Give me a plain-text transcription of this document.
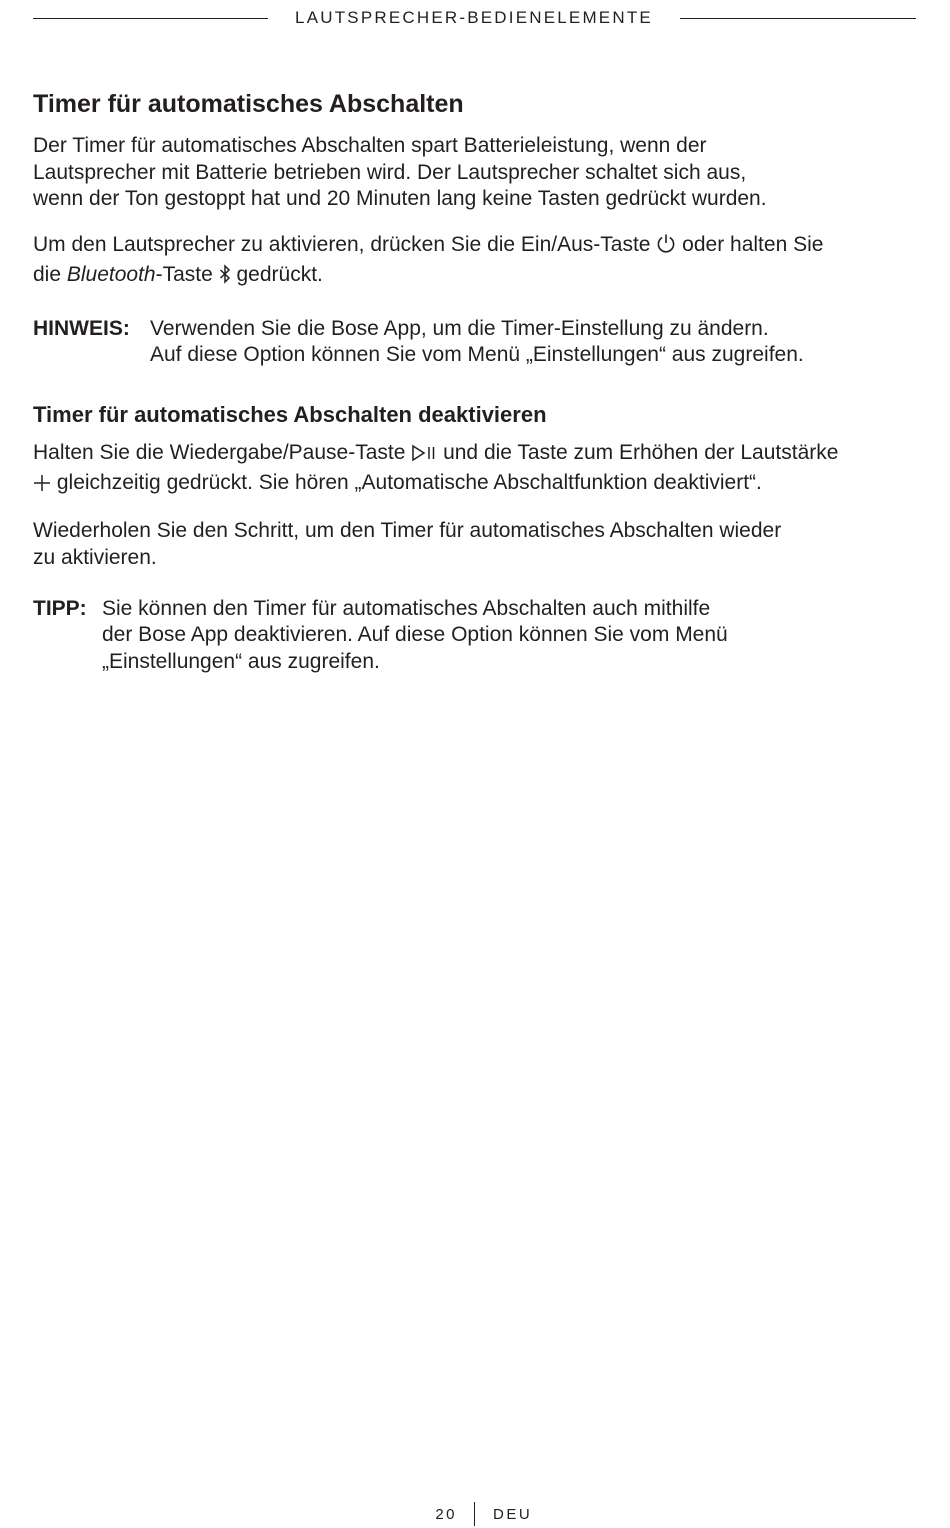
LAUTSPRECHER-BEDIENELEMENTE
Timer für automatisches Abschalten

Der Timer für automatisches Abschalten spart Batterieleistung, wenn der
Lautsprecher mit Batterie betrieben wird. Der Lautsprecher schaltet sich aus,
wenn der Ton gestoppt hat und 20 Minuten lang keine Tasten gedrückt wurden.

Um den Lautsprecher zu aktivieren, drücken Sie die Ein/Aus-Taste oder halten Sie
die Bluetooth-Taste gedrückt.

HINWEIS: Verwenden Sie die Bose App, um die Timer-Einstellung zu ändern.
Auf diese Option können Sie vom Menü „Einstellungen“ aus zugreifen.
Timer für automatisches Abschalten deaktivieren

Halten Sie die Wiedergabe/Pause-Taste und die Taste zum Erhöhen der Lautstärke
gleichzeitig gedrückt. Sie hören „Automatische Abschaltfunktion deaktiviert“.

Wiederholen Sie den Schritt, um den Timer für automatisches Abschalten wieder
zu aktivieren.

TIPP: Sie können den Timer für automatisches Abschalten auch mithilfe
der Bose App deaktivieren. Auf diese Option können Sie vom Menü
„Einstellungen“ aus zugreifen.
20 DEU
